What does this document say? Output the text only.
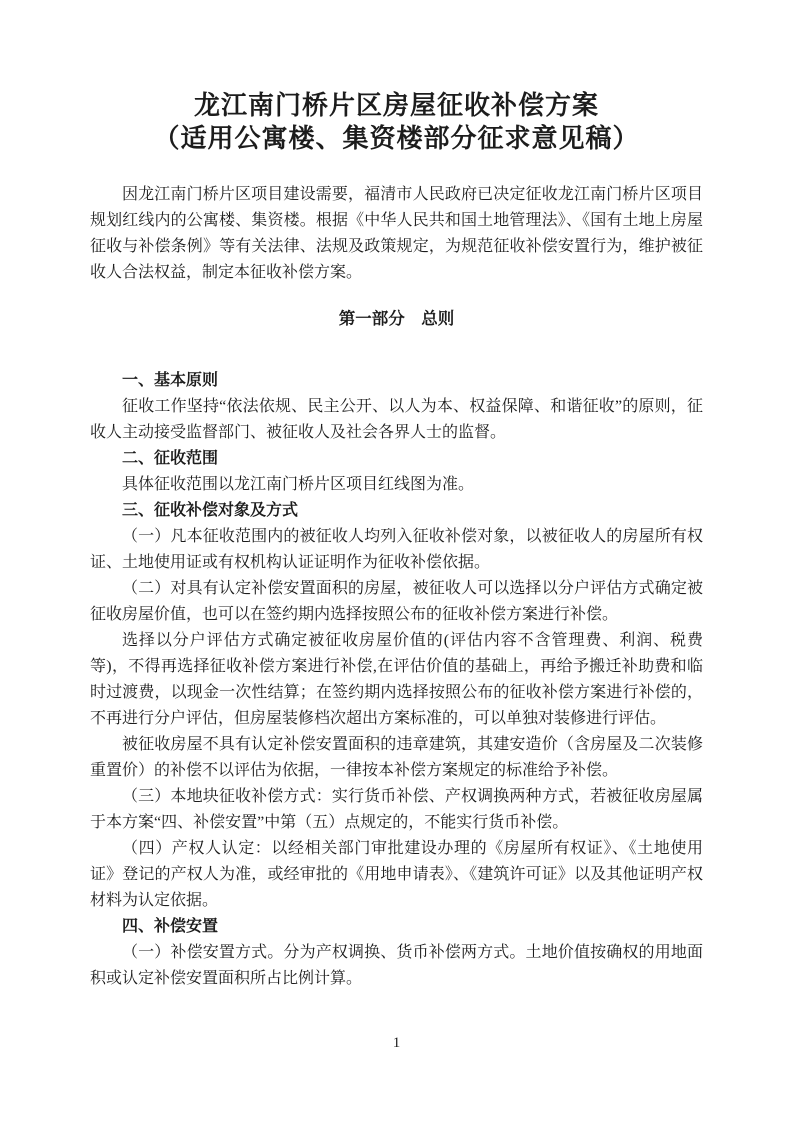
龙江南门桥片区房屋征收补偿方案
（适用公寓楼、集资楼部分征求意见稿）

因龙江南门桥片区项目建设需要，福清市人民政府已决定征收龙江南门桥片区项目规划红线内的公寓楼、集资楼。根据《中华人民共和国土地管理法》、《国有土地上房屋征收与补偿条例》等有关法律、法规及政策规定，为规范征收补偿安置行为，维护被征收人合法权益，制定本征收补偿方案。

第一部分　总则

一、基本原则

征收工作坚持“依法依规、民主公开、以人为本、权益保障、和谐征收”的原则，征收人主动接受监督部门、被征收人及社会各界人士的监督。

二、征收范围

具体征收范围以龙江南门桥片区项目红线图为准。

三、征收补偿对象及方式

（一）凡本征收范围内的被征收人均列入征收补偿对象，以被征收人的房屋所有权证、土地使用证或有权机构认证证明作为征收补偿依据。

（二）对具有认定补偿安置面积的房屋，被征收人可以选择以分户评估方式确定被征收房屋价值，也可以在签约期内选择按照公布的征收补偿方案进行补偿。

选择以分户评估方式确定被征收房屋价值的(评估内容不含管理费、利润、税费等)，不得再选择征收补偿方案进行补偿,在评估价值的基础上，再给予搬迁补助费和临时过渡费，以现金一次性结算；在签约期内选择按照公布的征收补偿方案进行补偿的，不再进行分户评估，但房屋装修档次超出方案标准的，可以单独对装修进行评估。

被征收房屋不具有认定补偿安置面积的违章建筑，其建安造价（含房屋及二次装修重置价）的补偿不以评估为依据，一律按本补偿方案规定的标准给予补偿。

（三）本地块征收补偿方式：实行货币补偿、产权调换两种方式，若被征收房屋属于本方案“四、补偿安置”中第（五）点规定的，不能实行货币补偿。

（四）产权人认定：以经相关部门审批建设办理的《房屋所有权证》、《土地使用证》登记的产权人为准，或经审批的《用地申请表》、《建筑许可证》以及其他证明产权材料为认定依据。

四、补偿安置

（一）补偿安置方式。分为产权调换、货币补偿两方式。土地价值按确权的用地面积或认定补偿安置面积所占比例计算。

1
